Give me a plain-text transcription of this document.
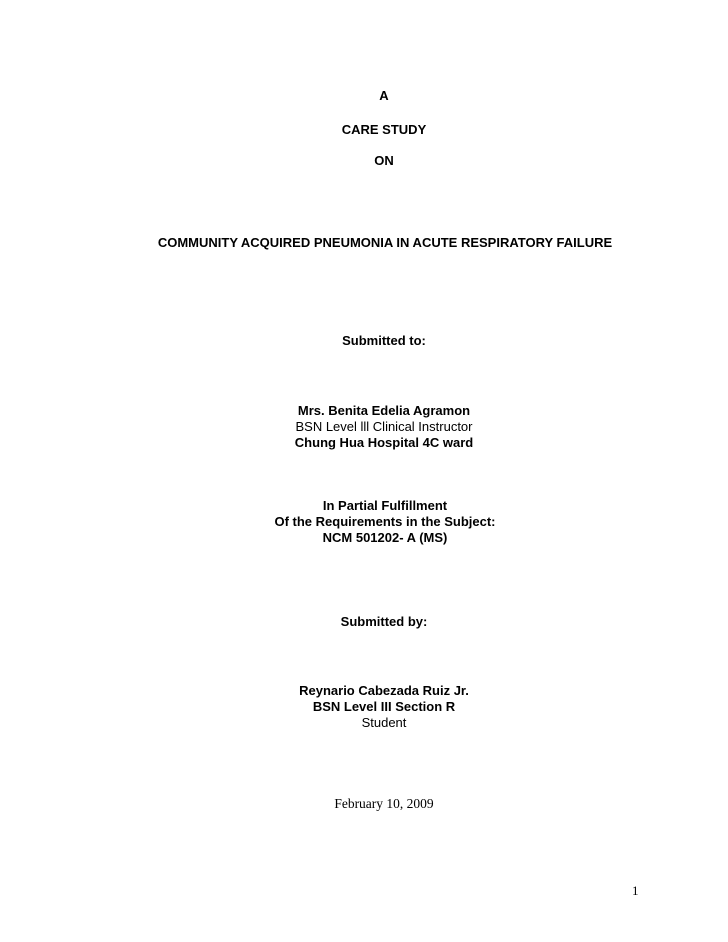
A
CARE STUDY
ON
COMMUNITY ACQUIRED PNEUMONIA IN ACUTE RESPIRATORY FAILURE
Submitted to:
Mrs. Benita Edelia Agramon
BSN Level lll Clinical Instructor
Chung Hua Hospital 4C ward
In Partial Fulfillment
Of the Requirements in the Subject:
NCM 501202- A (MS)
Submitted by:
Reynario Cabezada Ruiz Jr.
BSN Level III Section R
Student
February 10, 2009
1
